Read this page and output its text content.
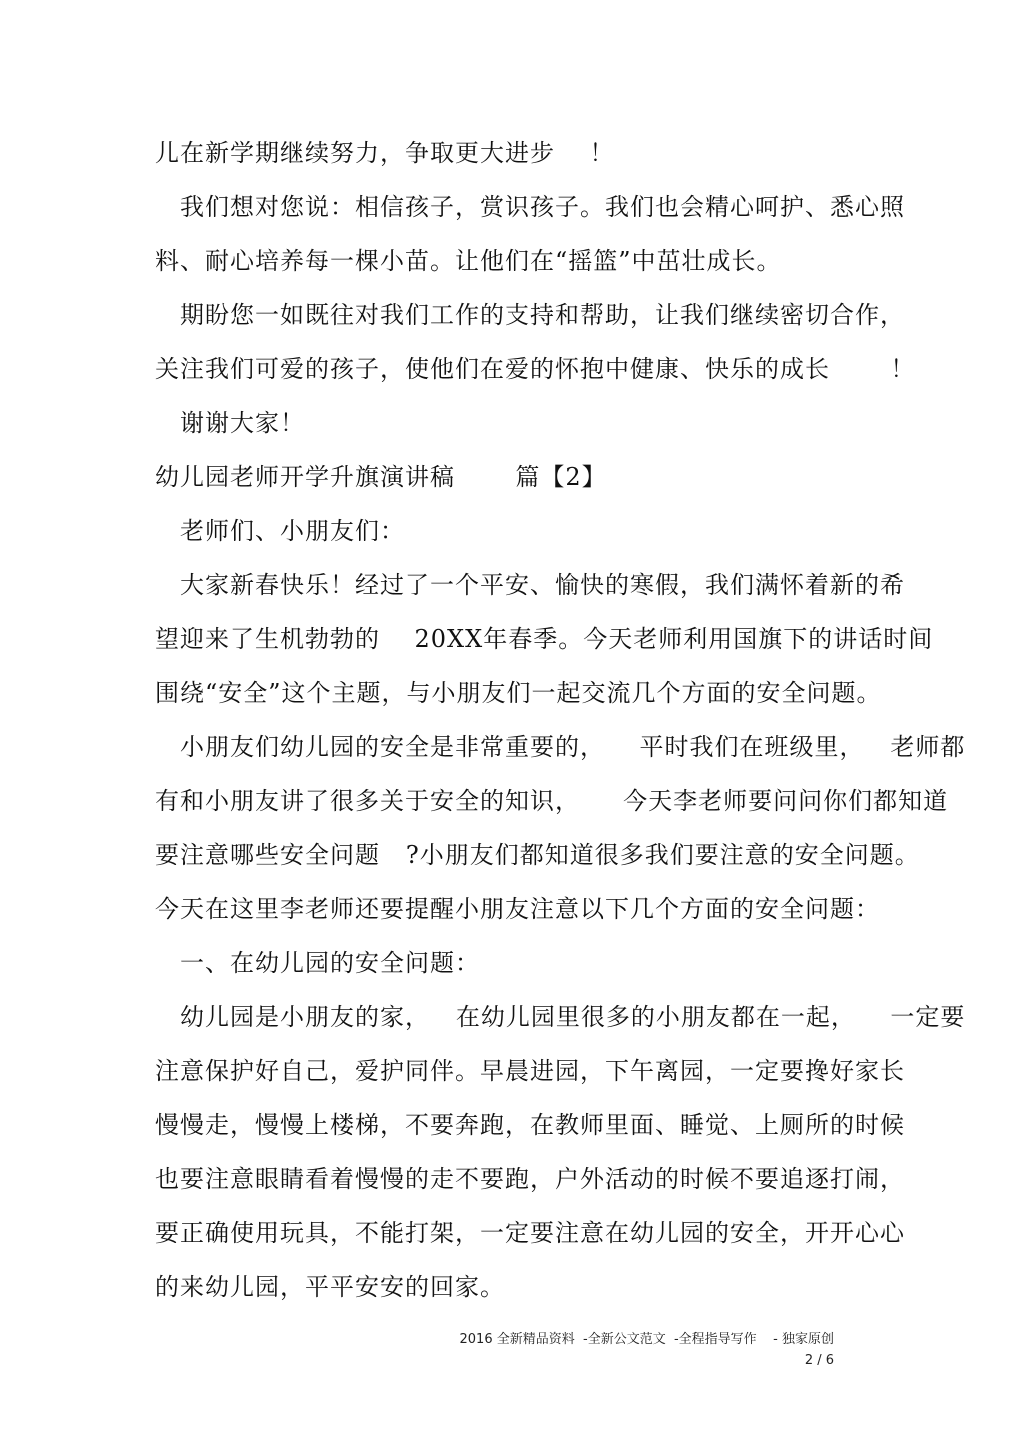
儿在新学期继续努力，争取更大进步    ！
我们想对您说：相信孩子，赏识孩子。我们也会精心呵护、悉心照
料、耐心培养每一棵小苗。让他们在“摇篮”中茁壮成长。
期盼您一如既往对我们工作的支持和帮助，让我们继续密切合作，
关注我们可爱的孩子，使他们在爱的怀抱中健康、快乐的成长       ！
谢谢大家！
幼儿园老师开学升旗演讲稿       篇【2】
老师们、小朋友们：
大家新春快乐！经过了一个平安、愉快的寒假，我们满怀着新的希
望迎来了生机勃勃的    20XX年春季。今天老师利用国旗下的讲话时间
围绕“安全”这个主题，与小朋友们一起交流几个方面的安全问题。
小朋友们幼儿园的安全是非常重要的，    平时我们在班级里，   老师都
有和小朋友讲了很多关于安全的知识，     今天李老师要问问你们都知道
要注意哪些安全问题   ?小朋友们都知道很多我们要注意的安全问题。
今天在这里李老师还要提醒小朋友注意以下几个方面的安全问题：
一、在幼儿园的安全问题：
幼儿园是小朋友的家，   在幼儿园里很多的小朋友都在一起，    一定要
注意保护好自己，爱护同伴。早晨进园，下午离园，一定要搀好家长
慢慢走，慢慢上楼梯，不要奔跑，在教师里面、睡觉、上厕所的时候
也要注意眼睛看着慢慢的走不要跑，户外活动的时候不要追逐打闹，
要正确使用玩具，不能打架，一定要注意在幼儿园的安全，开开心心
的来幼儿园，平平安安的回家。
2016 全新精品资料  -全新公文范文  -全程指导写作    - 独家原创
2 / 6
